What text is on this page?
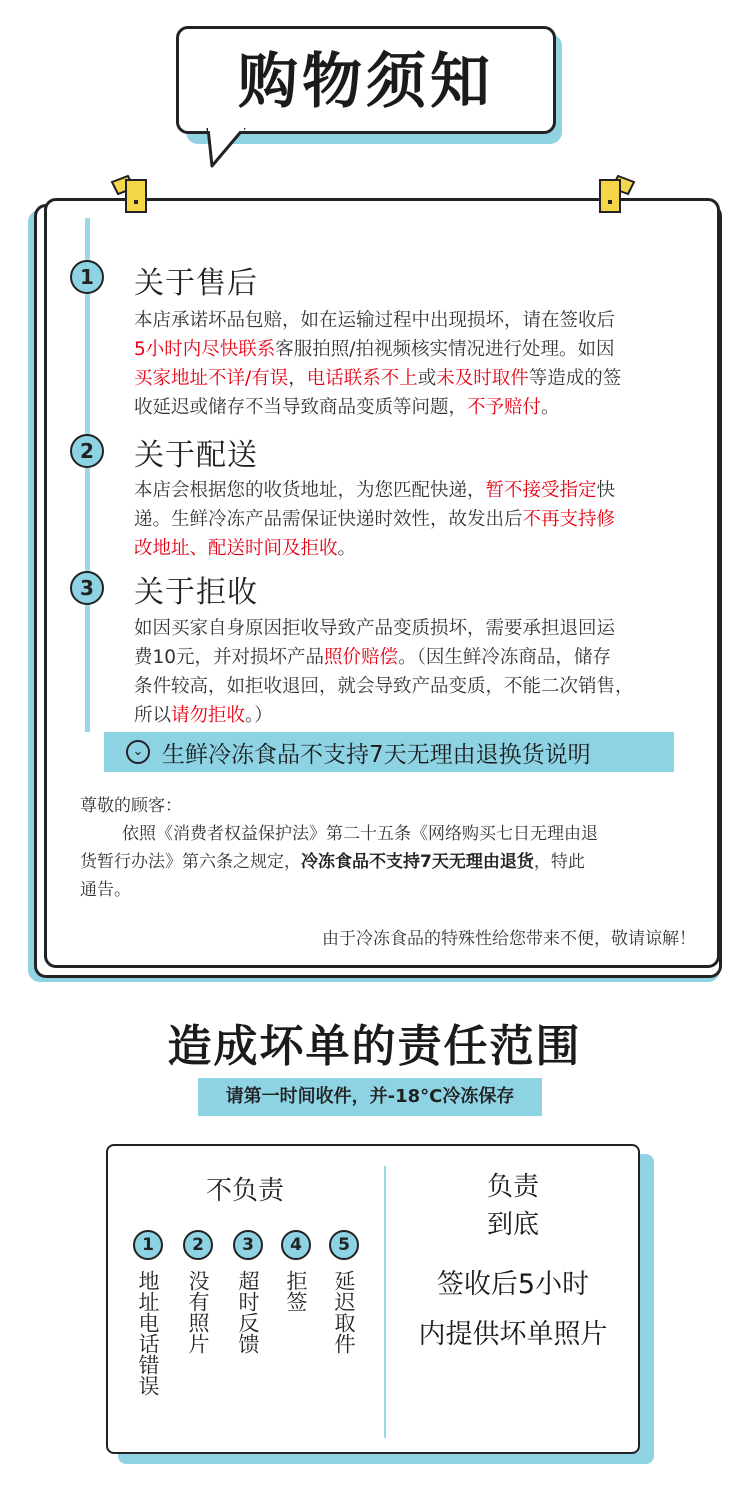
购物须知
1	关于售后

本店承诺坏品包赔，如在运输过程中出现损坏，请在签收后

5小时内尽快联系客服拍照/拍视频核实情况进行处理。如因

买家地址不详/有误，电话联系不上或未及时取件等造成的签

收延迟或储存不当导致商品变质等问题，不予赔付。

2	关于配送

本店会根据您的收货地址，为您匹配快递，暂不接受指定快

递。生鲜冷冻产品需保证快递时效性，故发出后不再支持修

改地址、配送时间及拒收。

3	关于拒收

如因买家自身原因拒收导致产品变质损坏，需要承担退回运

费10元，并对损坏产品照价赔偿。（因生鲜冷冻商品，储存

条件较高，如拒收退回，就会导致产品变质，不能二次销售，

所以请勿拒收。）

⌄ 生鲜冷冻食品不支持7天无理由退换货说明

尊敬的顾客：

依照《消费者权益保护法》第二十五条《网络购买七日无理由退

货暂行办法》第六条之规定，冷冻食品不支持7天无理由退货，特此

通告。

由于冷冻食品的特殊性给您带来不便，敬请谅解！
造成坏单的责任范围
请第一时间收件，并-18°C冷冻保存
不负责
1
地址电话错误
2
没有照片
3
超时反馈
4
拒签
5
延迟取件
负责
到底
签收后5小时
内提供坏单照片
